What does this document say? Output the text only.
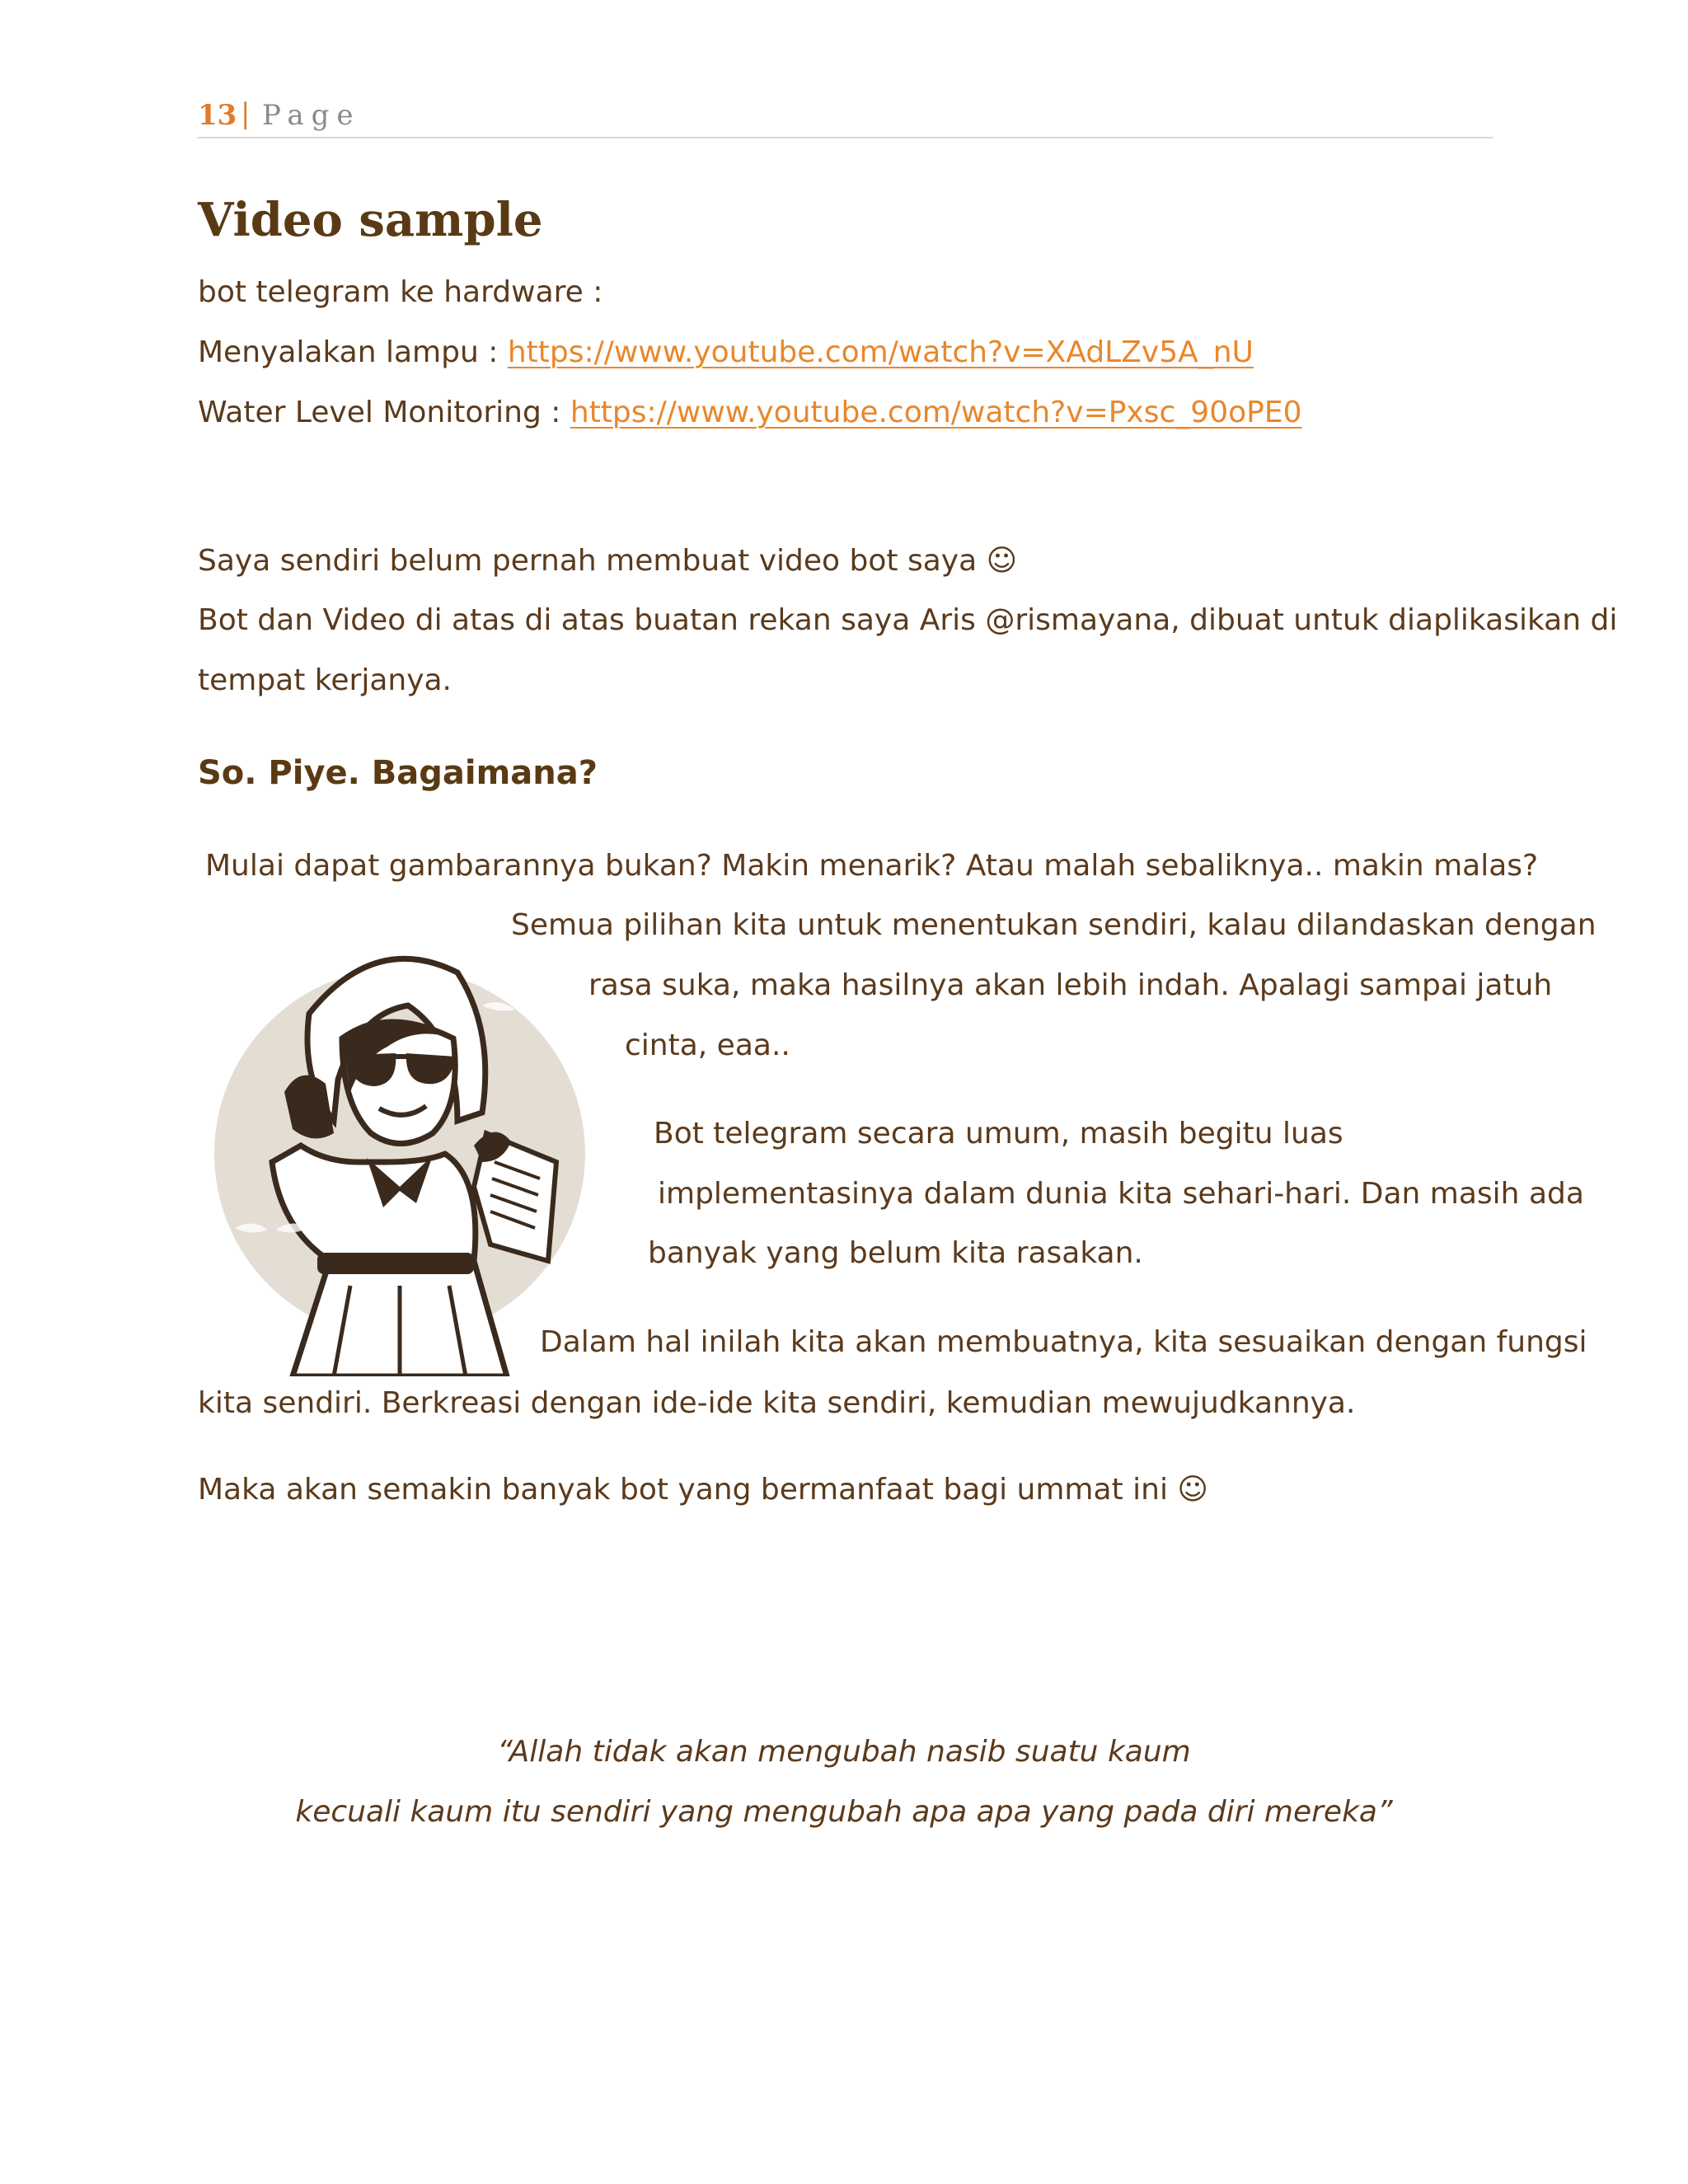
13 | Page
Video sample
bot telegram ke hardware :
Menyalakan lampu : https://www.youtube.com/watch?v=XAdLZv5A_nU
Water Level Monitoring : https://www.youtube.com/watch?v=Pxsc_90oPE0
Saya sendiri belum pernah membuat video bot saya ☺
Bot dan Video di atas di atas buatan rekan saya Aris @rismayana, dibuat untuk diaplikasikan di
tempat kerjanya.
So. Piye. Bagaimana?
Mulai dapat gambarannya bukan? Makin menarik? Atau malah sebaliknya.. makin malas?
Semua pilihan kita untuk menentukan sendiri, kalau dilandaskan dengan
rasa suka, maka hasilnya akan lebih indah. Apalagi sampai jatuh
cinta, eaa..
Bot telegram secara umum, masih begitu luas
implementasinya dalam dunia kita sehari-hari. Dan masih ada
banyak yang belum kita rasakan.
Dalam hal inilah kita akan membuatnya, kita sesuaikan dengan fungsi
kita sendiri. Berkreasi dengan ide-ide kita sendiri, kemudian mewujudkannya.
Maka akan semakin banyak bot yang bermanfaat bagi ummat ini ☺
“Allah tidak akan mengubah nasib suatu kaum
kecuali kaum itu sendiri yang mengubah apa apa yang pada diri mereka”
